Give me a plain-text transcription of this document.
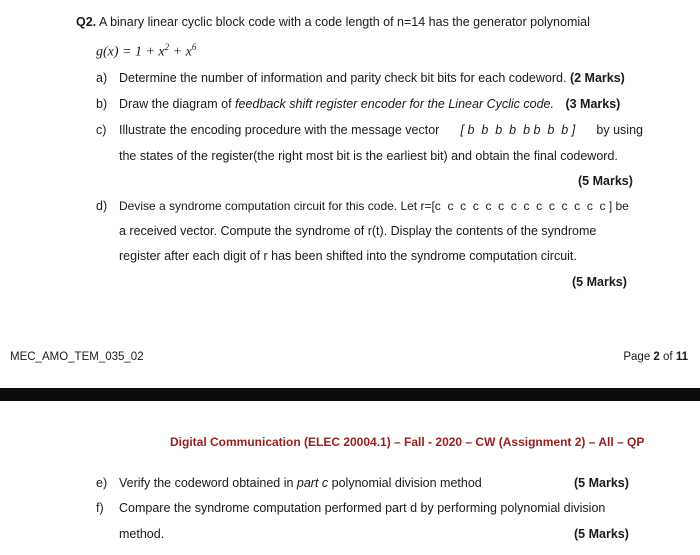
Q2. A binary linear cyclic block code with a code length of n=14 has the generator polynomial
$g(x) = 1 + x^2 + x^6$
a) Determine the number of information and parity check bit bits for each codeword. (2 Marks)
b) Draw the diagram of feedback shift register encoder for the Linear Cyclic code. (3 Marks)
c) Illustrate the encoding procedure with the message vector [ b  b  b  b  b b  b  b ] by using
the states of the register(the right most bit is the earliest bit) and obtain the final codeword.
(5 Marks)
d) Devise a syndrome computation circuit for this code. Let r=[c  c  c  c  c  c  c  c  c  c  c  c  c  c ] be
a received vector. Compute the syndrome of r(t). Display the contents of the syndrome
register after each digit of r has been shifted into the syndrome computation circuit.
(5 Marks)
MEC_AMO_TEM_035_02	Page 2 of 11
Digital Communication (ELEC 20004.1) – Fall - 2020 – CW (Assignment 2) – All – QP
e) Verify the codeword obtained in part c polynomial division method	(5 Marks)
f) Compare the syndrome computation performed part d by performing polynomial division
method.	(5 Marks)
